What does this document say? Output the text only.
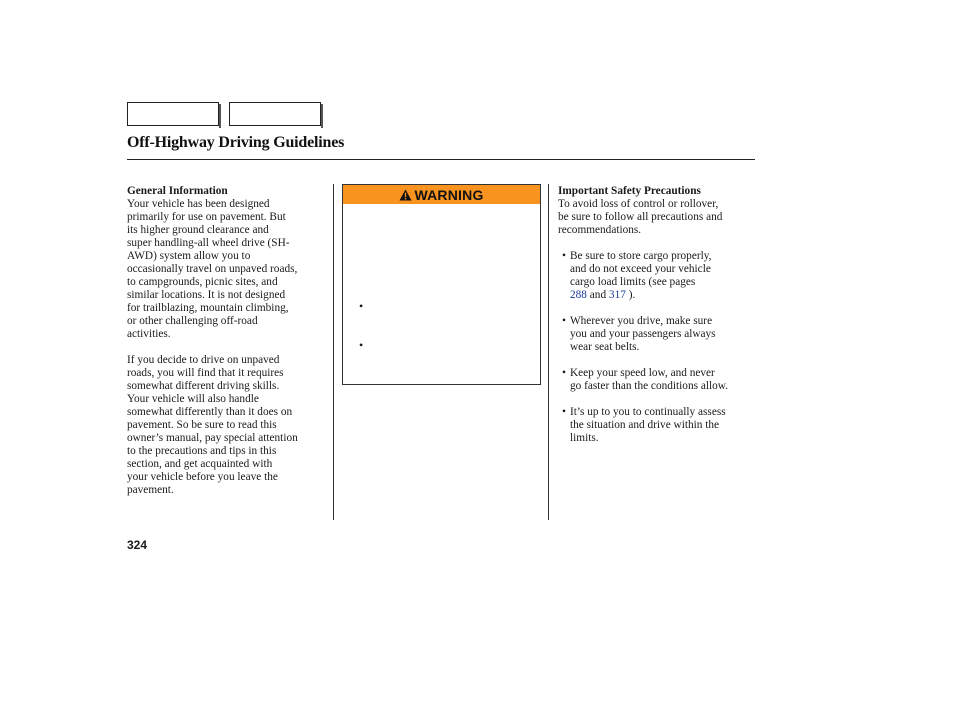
Off-Highway Driving Guidelines
General Information
Your vehicle has been designed
primarily for use on pavement. But
its higher ground clearance and
super handling-all wheel drive (SH-
AWD) system allow you to
occasionally travel on unpaved roads,
to campgrounds, picnic sites, and
similar locations. It is not designed
for trailblazing, mountain climbing,
or other challenging off-road
activities.
If you decide to drive on unpaved
roads, you will find that it requires
somewhat different driving skills.
Your vehicle will also handle
somewhat differently than it does on
pavement. So be sure to read this
owner’s manual, pay special attention
to the precautions and tips in this
section, and get acquainted with
your vehicle before you leave the
pavement.
WARNING
•
•
Important Safety Precautions
To avoid loss of control or rollover,
be sure to follow all precautions and
recommendations.
• Be sure to store cargo properly,
and do not exceed your vehicle
cargo load limits (see pages
288 and 317 ).
• Wherever you drive, make sure
you and your passengers always
wear seat belts.
• Keep your speed low, and never
go faster than the conditions allow.
• It’s up to you to continually assess
the situation and drive within the
limits.
324
